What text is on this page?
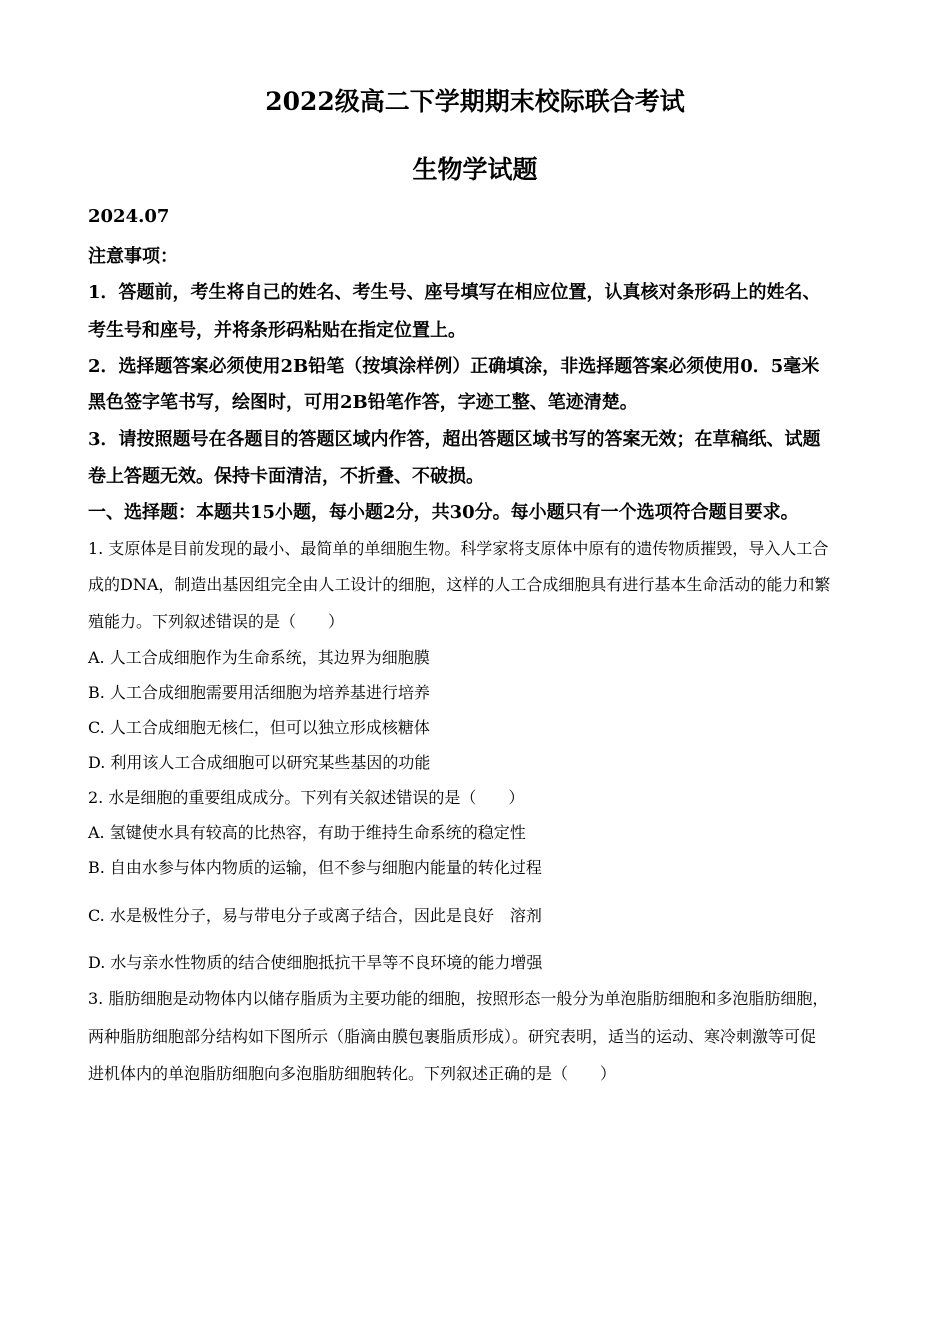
2022级高二下学期期末校际联合考试
生物学试题
2024.07
注意事项：
1．答题前，考生将自己的姓名、考生号、座号填写在相应位置，认真核对条形码上的姓名、
考生号和座号，并将条形码粘贴在指定位置上。
2．选择题答案必须使用2B铅笔（按填涂样例）正确填涂，非选择题答案必须使用0．5毫米
黑色签字笔书写，绘图时，可用2B铅笔作答，字迹工整、笔迹清楚。
3．请按照题号在各题目的答题区域内作答，超出答题区域书写的答案无效；在草稿纸、试题
卷上答题无效。保持卡面清洁，不折叠、不破损。
一、选择题：本题共15小题，每小题2分，共30分。每小题只有一个选项符合题目要求。
1. 支原体是目前发现的最小、最简单的单细胞生物。科学家将支原体中原有的遗传物质摧毁，导入人工合
成的DNA，制造出基因组完全由人工设计的细胞，这样的人工合成细胞具有进行基本生命活动的能力和繁
殖能力。下列叙述错误的是（　　）
A. 人工合成细胞作为生命系统，其边界为细胞膜
B. 人工合成细胞需要用活细胞为培养基进行培养
C. 人工合成细胞无核仁，但可以独立形成核糖体
D. 利用该人工合成细胞可以研究某些基因的功能
2. 水是细胞的重要组成成分。下列有关叙述错误的是（　　）
A. 氢键使水具有较高的比热容，有助于维持生命系统的稳定性
B. 自由水参与体内物质的运输，但不参与细胞内能量的转化过程
C. 水是极性分子，易与带电分子或离子结合，因此是良好　溶剂
D. 水与亲水性物质的结合使细胞抵抗干旱等不良环境的能力增强
3. 脂肪细胞是动物体内以储存脂质为主要功能的细胞，按照形态一般分为单泡脂肪细胞和多泡脂肪细胞，
两种脂肪细胞部分结构如下图所示（脂滴由膜包裹脂质形成）。研究表明，适当的运动、寒冷刺激等可促
进机体内的单泡脂肪细胞向多泡脂肪细胞转化。下列叙述正确的是（　　）
